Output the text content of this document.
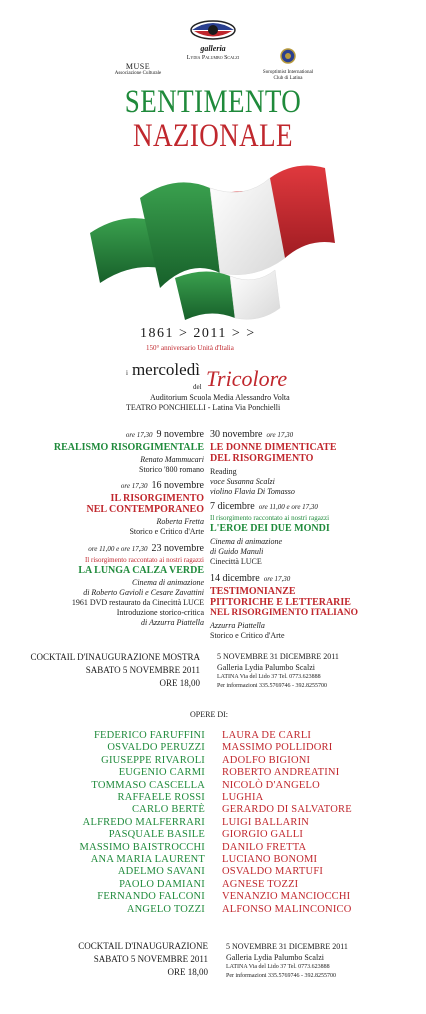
galleria
Lydia Palumbo Scalzi
MUSE
Associazione Culturale	Soroptimist International
Club di Latina
SENTIMENTO
NAZIONALE
1861 > 2011 > >
150° anniversario Unità d'Italia
i mercoledì
del Tricolore
Auditorium Scuola Media Alessandro Volta
TEATRO PONCHIELLI - Latina Via Ponchielli
ore 17,30 9 novembre
REALISMO RISORGIMENTALE
Renato Mammucari
Storico '800 romano
ore 17,30 16 novembre
IL RISORGIMENTO
NEL CONTEMPORANEO
Roberta Fretta
Storico e Critico d'Arte
ore 11,00 e ore 17,30 23 novembre
Il risorgimento raccontato ai nostri ragazzi
LA LUNGA CALZA VERDE
Cinema di animazione
di Roberto Gavioli e Cesare Zavattini
1961 DVD restaurato da Cinecittà LUCE
Introduzione storico-critica
di Azzurra Piattella
30 novembre ore 17,30
LE DONNE DIMENTICATE
DEL RISORGIMENTO
Reading
voce Susanna Scalzi
violino Flavia Di Tomasso
7 dicembre ore 11,00 e ore 17,30
Il risorgimento raccontato ai nostri ragazzi
L'EROE DEI DUE MONDI
Cinema di animazione
di Guido Manuli
Cinecittà LUCE
14 dicembre ore 17,30
TESTIMONIANZE
PITTORICHE E LETTERARIE
NEL RISORGIMENTO ITALIANO
Azzurra Piattella
Storico e Critico d'Arte
COCKTAIL D'INAUGURAZIONE MOSTRA
SABATO 5 NOVEMBRE 2011
ORE 18,00
5 NOVEMBRE 31 DICEMBRE 2011
Galleria Lydia Palumbo Scalzi
LATINA Via del Lido 37 Tel. 0773.623888
Per informazioni 335.5769746 - 392.8255700
OPERE DI:
FEDERICO FARUFFINI
OSVALDO PERUZZI
GIUSEPPE RIVAROLI
EUGENIO CARMI
TOMMASO CASCELLA
RAFFAELE ROSSI
CARLO BERTÈ
ALFREDO MALFERRARI
PASQUALE BASILE
MASSIMO BAISTROCCHI
ANA MARIA LAURENT
ADELMO SAVANI
PAOLO DAMIANI
FERNANDO FALCONI
ANGELO TOZZI
LAURA DE CARLI
MASSIMO POLLIDORI
ADOLFO BIGIONI
ROBERTO ANDREATINI
NICOLÒ D'ANGELO
LUGHIA
GERARDO DI SALVATORE
LUIGI BALLARIN
GIORGIO GALLI
DANILO FRETTA
LUCIANO BONOMI
OSVALDO MARTUFI
AGNESE TOZZI
VENANZIO MANCIOCCHI
ALFONSO MALINCONICO
COCKTAIL D'INAUGURAZIONE
SABATO 5 NOVEMBRE 2011
ORE 18,00
5 NOVEMBRE 31 DICEMBRE 2011
Galleria Lydia Palumbo Scalzi
LATINA Via del Lido 37 Tel. 0773.623888
Per informazioni 335.5769746 - 392.8255700
